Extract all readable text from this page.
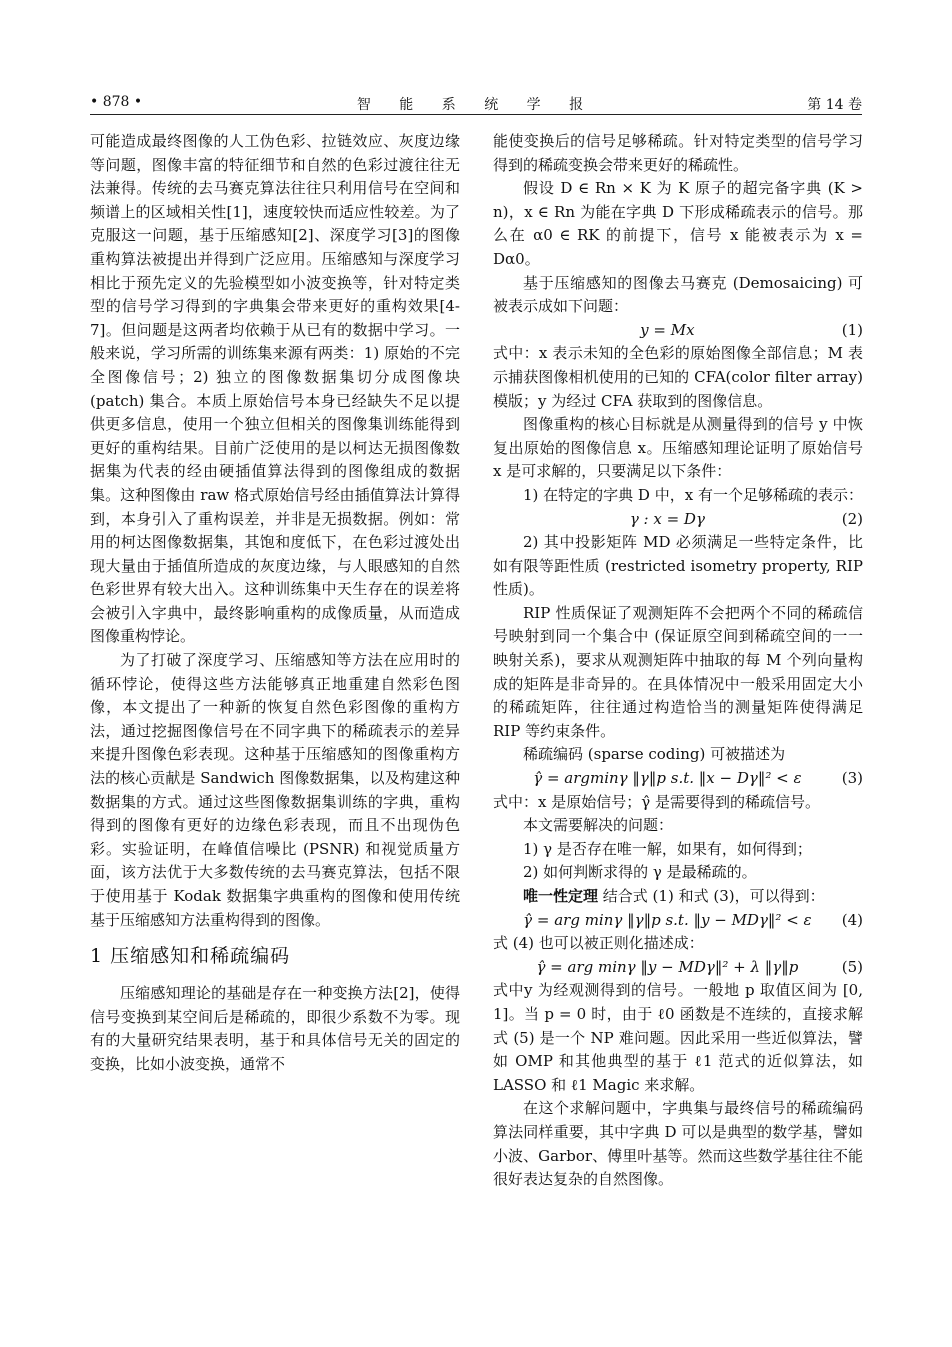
• 878 •	智 能 系 统 学 报	第 14 卷

可能造成最终图像的人工伪色彩、拉链效应、灰度边缘等问题，图像丰富的特征细节和自然的色彩过渡往往无法兼得。传统的去马赛克算法往往只利用信号在空间和频谱上的区域相关性[1]，速度较快而适应性较差。为了克服这一问题，基于压缩感知[2]、深度学习[3]的图像重构算法被提出并得到广泛应用。压缩感知与深度学习相比于预先定义的先验模型如小波变换等，针对特定类型的信号学习得到的字典集会带来更好的重构效果[4-7]。但问题是这两者均依赖于从已有的数据中学习。一般来说，学习所需的训练集来源有两类：1) 原始的不完全图像信号；2) 独立的图像数据集切分成图像块 (patch) 集合。本质上原始信号本身已经缺失不足以提供更多信息，使用一个独立但相关的图像集训练能得到更好的重构结果。目前广泛使用的是以柯达无损图像数据集为代表的经由硬插值算法得到的图像组成的数据集。这种图像由 raw 格式原始信号经由插值算法计算得到，本身引入了重构误差，并非是无损数据。例如：常用的柯达图像数据集，其饱和度低下，在色彩过渡处出现大量由于插值所造成的灰度边缘，与人眼感知的自然色彩世界有较大出入。这种训练集中天生存在的误差将会被引入字典中，最终影响重构的成像质量，从而造成图像重构悖论。

为了打破了深度学习、压缩感知等方法在应用时的循环悖论，使得这些方法能够真正地重建自然彩色图像，本文提出了一种新的恢复自然色彩图像的重构方法，通过挖掘图像信号在不同字典下的稀疏表示的差异来提升图像色彩表现。这种基于压缩感知的图像重构方法的核心贡献是 Sandwich 图像数据集，以及构建这种数据集的方式。通过这些图像数据集训练的字典，重构得到的图像有更好的边缘色彩表现，而且不出现伪色彩。实验证明，在峰值信噪比 (PSNR) 和视觉质量方面，该方法优于大多数传统的去马赛克算法，包括不限于使用基于 Kodak 数据集字典重构的图像和使用传统基于压缩感知方法重构得到的图像。

1 压缩感知和稀疏编码

压缩感知理论的基础是存在一种变换方法[2]，使得信号变换到某空间后是稀疏的，即很少系数不为零。现有的大量研究结果表明，基于和具体信号无关的固定的变换，比如小波变换，通常不

能使变换后的信号足够稀疏。针对特定类型的信号学习得到的稀疏变换会带来更好的稀疏性。

假设 D ∈ Rn × K 为 K 原子的超完备字典 (K > n)，x ∈ Rn 为能在字典 D 下形成稀疏表示的信号。那么在 α0 ∈ RK 的前提下，信号 x 能被表示为 x = Dα0。

基于压缩感知的图像去马赛克 (Demosaicing) 可被表示成如下问题：

y = Mx	(1)

式中：x 表示未知的全色彩的原始图像全部信息；M 表示捕获图像相机使用的已知的 CFA(color filter array) 模版；y 为经过 CFA 获取到的图像信息。

图像重构的核心目标就是从测量得到的信号 y 中恢复出原始的图像信息 x。压缩感知理论证明了原始信号 x 是可求解的，只要满足以下条件：

1) 在特定的字典 D 中，x 有一个足够稀疏的表示：

γ : x = Dγ	(2)

2) 其中投影矩阵 MD 必须满足一些特定条件，比如有限等距性质 (restricted isometry property, RIP 性质)。

RIP 性质保证了观测矩阵不会把两个不同的稀疏信号映射到同一个集合中 (保证原空间到稀疏空间的一一映射关系)，要求从观测矩阵中抽取的每 M 个列向量构成的矩阵是非奇异的。在具体情况中一般采用固定大小的稀疏矩阵，往往通过构造恰当的测量矩阵使得满足 RIP 等约束条件。

稀疏编码 (sparse coding) 可被描述为

γ̂ = argminγ ‖γ‖p s.t. ‖x − Dγ‖² < ε	(3)

式中：x 是原始信号；γ̂ 是需要得到的稀疏信号。

本文需要解决的问题：

1) γ 是否存在唯一解，如果有，如何得到；

2) 如何判断求得的 γ 是最稀疏的。

唯一性定理 结合式 (1) 和式 (3)，可以得到：

γ̂ = arg minγ ‖γ‖p s.t. ‖y − MDγ‖² < ε	(4)

式 (4) 也可以被正则化描述成：

γ̂ = arg minγ ‖y − MDγ‖² + λ ‖γ‖p	(5)

式中y 为经观测得到的信号。一般地 p 取值区间为 [0, 1]。当 p = 0 时，由于 ℓ0 函数是不连续的，直接求解式 (5) 是一个 NP 难问题。因此采用一些近似算法，譬如 OMP 和其他典型的基于 ℓ1 范式的近似算法，如 LASSO 和 ℓ1 Magic 来求解。

在这个求解问题中，字典集与最终信号的稀疏编码算法同样重要，其中字典 D 可以是典型的数学基，譬如小波、Garbor、傅里叶基等。然而这些数学基往往不能很好表达复杂的自然图像。
